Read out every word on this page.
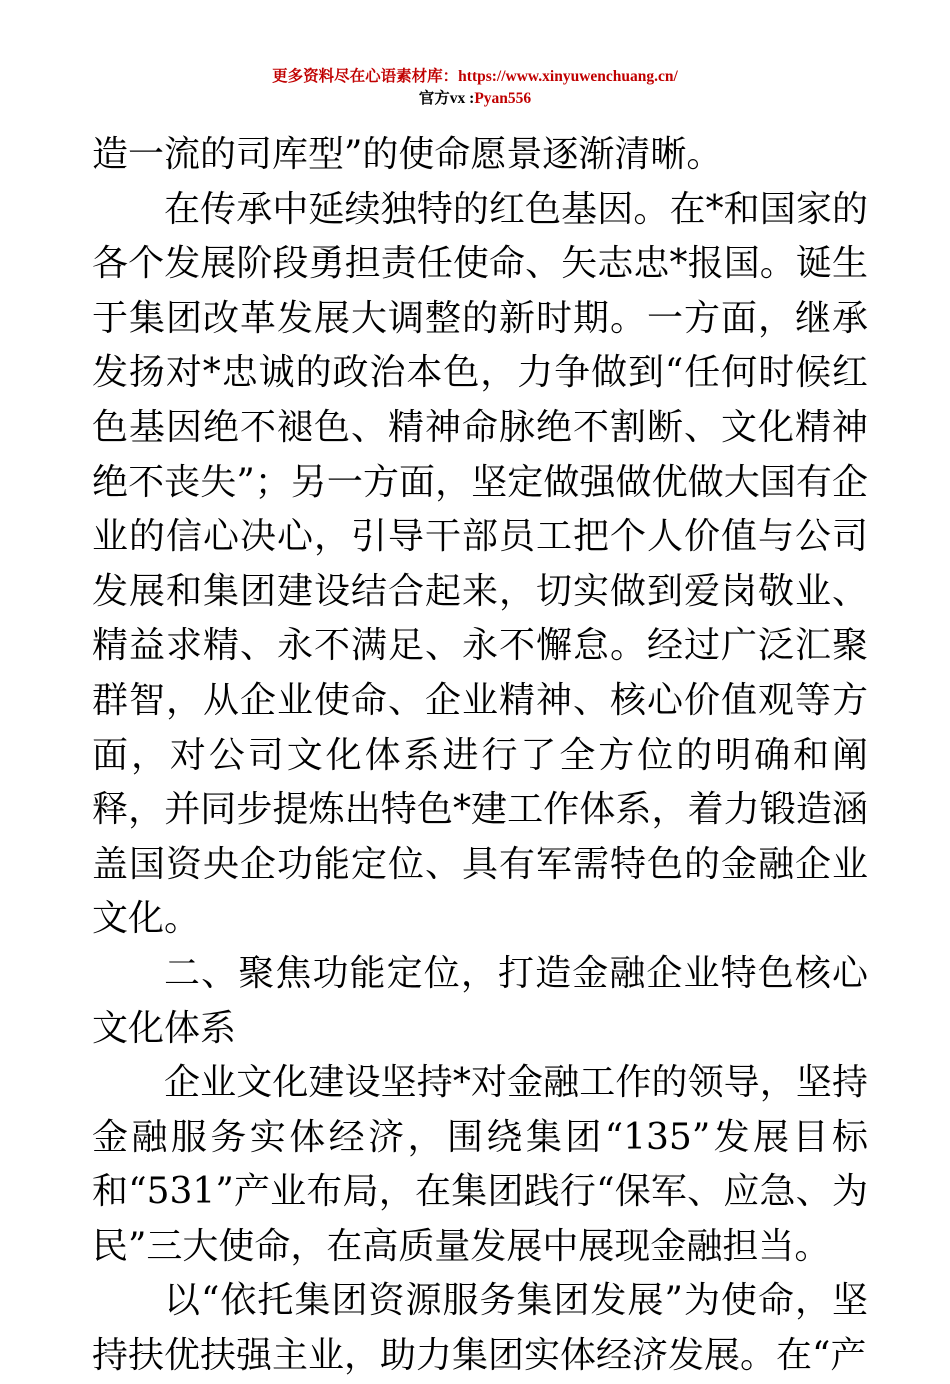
更多资料尽在心语素材库：https://www.xinyuwenchuang.cn/
官方vx :Pyan556

造一流的司库型”的使命愿景逐渐清晰。

在传承中延续独特的红色基因。在*和国家的各个发展阶段勇担责任使命、矢志忠*报国。诞生于集团改革发展大调整的新时期。一方面，继承发扬对*忠诚的政治本色，力争做到“任何时候红色基因绝不褪色、精神命脉绝不割断、文化精神绝不丧失”；另一方面，坚定做强做优做大国有企业的信心决心，引导干部员工把个人价值与公司发展和集团建设结合起来，切实做到爱岗敬业、精益求精、永不满足、永不懈怠。经过广泛汇聚群智，从企业使命、企业精神、核心价值观等方面，对公司文化体系进行了全方位的明确和阐释，并同步提炼出特色*建工作体系，着力锻造涵盖国资央企功能定位、具有军需特色的金融企业文化。

二、聚焦功能定位，打造金融企业特色核心文化体系

企业文化建设坚持*对金融工作的领导，坚持金融服务实体经济，围绕集团“135”发展目标和“531”产业布局，在集团践行“保军、应急、为民”三大使命，在高质量发展中展现金融担当。

以“依托集团资源服务集团发展”为使命，坚持扶优扶强主业，助力集团实体经济发展。在“产
